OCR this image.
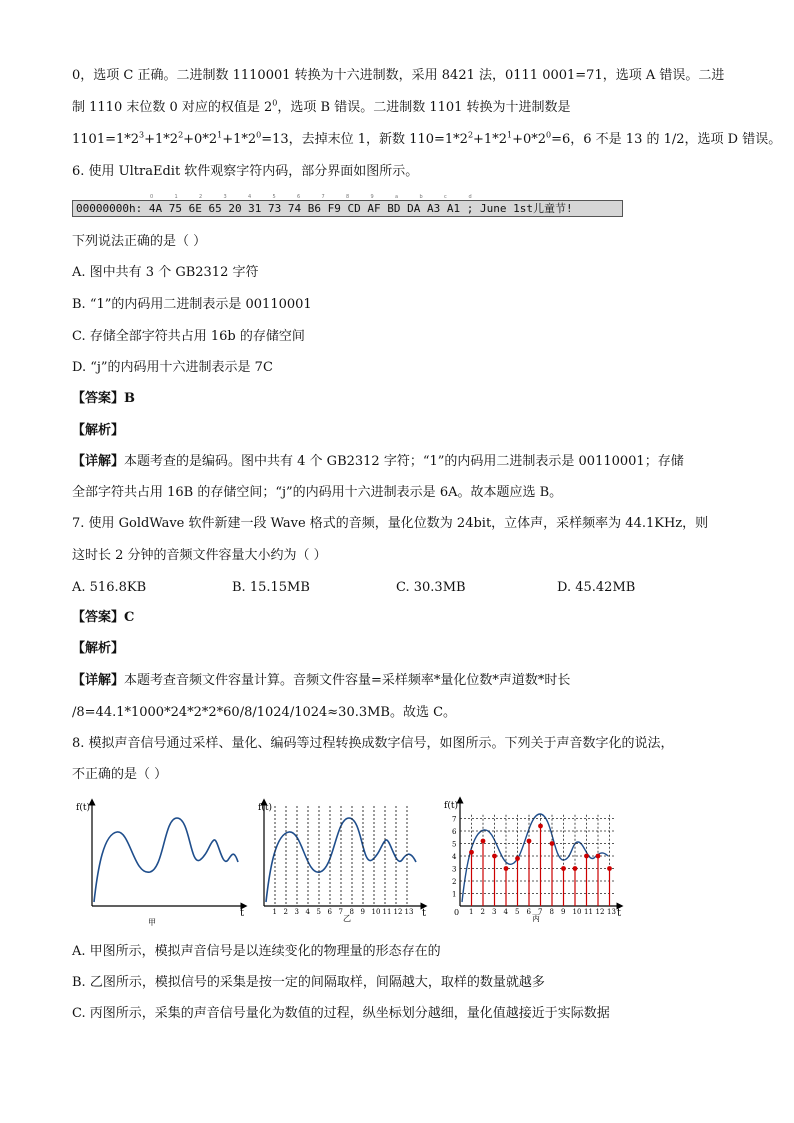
0，选项 C 正确。二进制数 1110001 转换为十六进制数，采用 8421 法，0111 0001=71，选项 A 错误。二进
制 1110 末位数 0 对应的权值是 $2^0$，选项 B 错误。二进制数 1101 转换为十进制数是
$1101=1*2^3+1*2^2+0*2^1+1*2^0=13$，去掉末位 1，新数 $110=1*2^2+1*2^1+0*2^0=6$，6 不是 13 的 1/2，选项 D 错误。
6. 使用 UltraEdit 软件观察字符内码，部分界面如图所示。
0	1	2	3	4	5	6	7	8	9	a	b	c	d
00000000h: 4A 75 6E 65 20 31 73 74 B6 F9 CD AF BD DA A3 A1 ; June 1st儿童节!
下列说法正确的是（ ）
A. 图中共有 3 个 GB2312 字符
B. “1”的内码用二进制表示是 00110001
C. 存储全部字符共占用 16b 的存储空间
D. “j”的内码用十六进制表示是 7C
【答案】B
【解析】
【详解】本题考查的是编码。图中共有 4 个 GB2312 字符；“1”的内码用二进制表示是 00110001；存储
全部字符共占用 16B 的存储空间；“j”的内码用十六进制表示是 6A。故本题应选 B。
7. 使用 GoldWave 软件新建一段 Wave 格式的音频，量化位数为 24bit，立体声，采样频率为 44.1KHz，则
这时长 2 分钟的音频文件容量大小约为（ ）
A. 516.8KB	B. 15.15MB	C. 30.3MB	D. 45.42MB
【答案】C
【解析】
【详解】本题考查音频文件容量计算。音频文件容量=采样频率*量化位数*声道数*时长
/8=44.1*1000*24*2*2*60/8/1024/1024≈30.3MB。故选 C。
8. 模拟声音信号通过采样、量化、编码等过程转换成数字信号，如图所示。下列关于声音数字化的说法，
不正确的是（ ）
f(t)
t
甲
f(t)
t
乙
1 2 3 4 5 6 7 8 9 10 11 12 13
f(t)
t
0
丙
1
2
3
4
5
6
7
1 2 3 4 5 6 7 8 9 10 11 12 13
A. 甲图所示，模拟声音信号是以连续变化的物理量的形态存在的
B. 乙图所示，模拟信号的采集是按一定的间隔取样，间隔越大，取样的数量就越多
C. 丙图所示，采集的声音信号量化为数值的过程，纵坐标划分越细，量化值越接近于实际数据
